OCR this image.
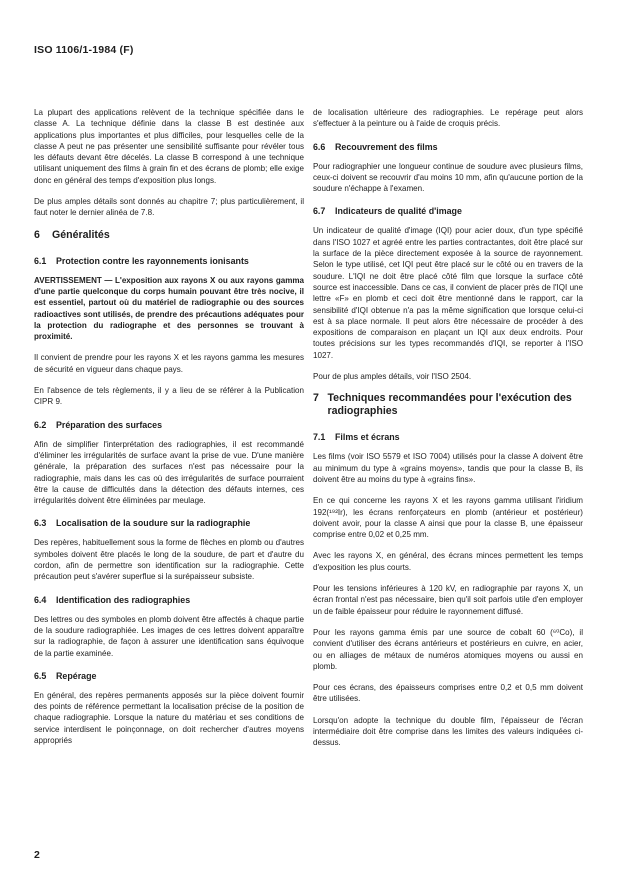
ISO 1106/1-1984 (F)

La plupart des applications relèvent de la technique spécifiée dans le classe A. La technique définie dans la classe B est destinée aux applications plus importantes et plus difficiles, pour lesquelles celle de la classe A peut ne pas présenter une sensibilité suffisante pour révéler tous les défauts devant être décelés. La classe B correspond à une technique utilisant uniquement des films à grain fin et des écrans de plomb; elle exige donc en général des temps d'exposition plus longs.

De plus amples détails sont donnés au chapitre 7; plus particulièrement, il faut noter le dernier alinéa de 7.8.

6 Généralités
6.1 Protection contre les rayonnements ionisants

AVERTISSEMENT — L'exposition aux rayons X ou aux rayons gamma d'une partie quelconque du corps humain pouvant être très nocive, il est essentiel, partout où du matériel de radiographie ou des sources radioactives sont utilisés, de prendre des précautions adéquates pour la protection du radiographe et des personnes se trouvant à proximité.

Il convient de prendre pour les rayons X et les rayons gamma les mesures de sécurité en vigueur dans chaque pays.

En l'absence de tels règlements, il y a lieu de se référer à la Publication CIPR 9.

6.2 Préparation des surfaces

Afin de simplifier l'interprétation des radiographies, il est recommandé d'éliminer les irrégularités de surface avant la prise de vue. D'une manière générale, la préparation des surfaces n'est pas nécessaire pour la radiographie, mais dans les cas où des irrégularités de surface pourraient être la cause de difficultés dans la détection des défauts internes, ces irrégularités doivent être éliminées par meulage.

6.3 Localisation de la soudure sur la radiographie

Des repères, habituellement sous la forme de flèches en plomb ou d'autres symboles doivent être placés le long de la soudure, de part et d'autre du cordon, afin de permettre son identification sur la radiographie. Cette précaution peut s'avérer superflue si la surépaisseur subsiste.

6.4 Identification des radiographies

Des lettres ou des symboles en plomb doivent être affectés à chaque partie de la soudure radiographiée. Les images de ces lettres doivent apparaître sur la radiographie, de façon à assurer une identification sans équivoque de la partie examinée.

6.5 Repérage

En général, des repères permanents apposés sur la pièce doivent fournir des points de référence permettant la localisation précise de la position de chaque radiographie. Lorsque la nature du matériau et ses conditions de service interdisent le poinçonnage, on doit rechercher d'autres moyens appropriés

de localisation ultérieure des radiographies. Le repérage peut alors s'effectuer à la peinture ou à l'aide de croquis précis.

6.6 Recouvrement des films

Pour radiographier une longueur continue de soudure avec plusieurs films, ceux-ci doivent se recouvrir d'au moins 10 mm, afin qu'aucune portion de la soudure n'échappe à l'examen.

6.7 Indicateurs de qualité d'image

Un indicateur de qualité d'image (IQI) pour acier doux, d'un type spécifié dans l'ISO 1027 et agréé entre les parties contractantes, doit être placé sur la surface de la pièce directement exposée à la source de rayonnement. Selon le type utilisé, cet IQI peut être placé sur le côté ou en travers de la soudure. L'IQI ne doit être placé côté film que lorsque la surface côté source est inaccessible. Dans ce cas, il convient de placer près de l'IQI une lettre «F» en plomb et ceci doit être mentionné dans le rapport, car la sensibilité d'IQI obtenue n'a pas la même signification que lorsque celui-ci est à sa place normale. Il peut alors être nécessaire de procéder à des expositions de comparaison en plaçant un IQI aux deux endroits. Pour toutes précisions sur les types recommandés d'IQI, se reporter à l'ISO 1027.

Pour de plus amples détails, voir l'ISO 2504.

7 Techniques recommandées pour l'exécution des radiographies
7.1 Films et écrans

Les films (voir ISO 5579 et ISO 7004) utilisés pour la classe A doivent être au minimum du type à «grains moyens», tandis que pour la classe B, ils doivent être au moins du type à «grains fins».

En ce qui concerne les rayons X et les rayons gamma utilisant l'iridium 192(¹⁹²Ir), les écrans renforçateurs en plomb (antérieur et postérieur) doivent avoir, pour la classe A ainsi que pour la classe B, une épaisseur comprise entre 0,02 et 0,25 mm.

Avec les rayons X, en général, des écrans minces permettent les temps d'exposition les plus courts.

Pour les tensions inférieures à 120 kV, en radiographie par rayons X, un écran frontal n'est pas nécessaire, bien qu'il soit parfois utile d'en employer un de faible épaisseur pour réduire le rayonnement diffusé.

Pour les rayons gamma émis par une source de cobalt 60 (⁶⁰Co), il convient d'utiliser des écrans antérieurs et postérieurs en cuivre, en acier, ou en alliages de métaux de numéros atomiques moyens ou aussi en plomb.

Pour ces écrans, des épaisseurs comprises entre 0,2 et 0,5 mm doivent être utilisées.

Lorsqu'on adopte la technique du double film, l'épaisseur de l'écran intermédiaire doit être comprise dans les limites des valeurs indiquées ci-dessus.

2
